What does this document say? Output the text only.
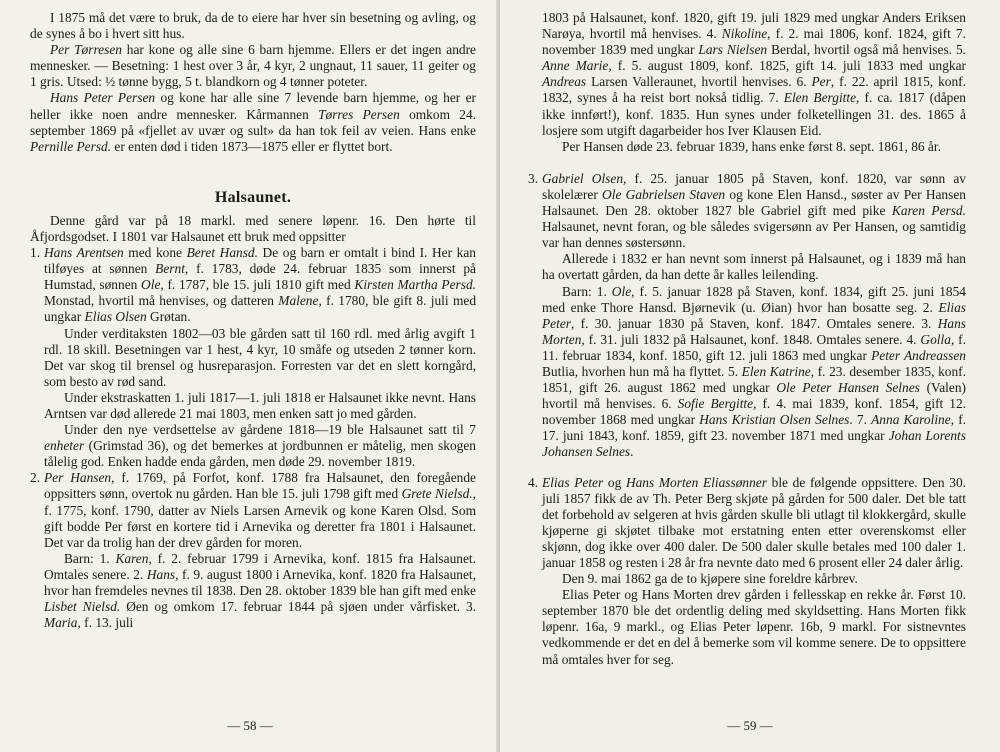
I 1875 må det være to bruk, da de to eiere har hver sin besetning og avling, og de synes å bo i hvert sitt hus.

Per Tørresen har kone og alle sine 6 barn hjemme. Ellers er det ingen andre mennesker. — Besetning: 1 hest over 3 år, 4 kyr, 2 ungnaut, 11 sauer, 11 geiter og 1 gris. Utsed: ½ tønne bygg, 5 t. blandkorn og 4 tønner poteter.

Hans Peter Persen og kone har alle sine 7 levende barn hjemme, og her er heller ikke noen andre mennesker. Kårmannen Tørres Persen omkom 24. september 1869 på «fjellet av uvær og sult» da han tok feil av veien. Hans enke Pernille Persd. er enten død i tiden 1873—1875 eller er flyttet bort.

Halsaunet.

Denne gård var på 18 markl. med senere løpenr. 16. Den hørte til Åfjordsgodset. I 1801 var Halsaunet ett bruk med oppsitter

1. Hans Arentsen med kone Beret Hansd. De og barn er omtalt i bind I. Her kan tilføyes at sønnen Bernt, f. 1783, døde 24. februar 1835 som innerst på Humstad, sønnen Ole, f. 1787, ble 15. juli 1810 gift med Kirsten Martha Persd. Monstad, hvortil må henvises, og datteren Malene, f. 1780, ble gift 8. juli med ungkar Elias Olsen Grøtan.

Under verditaksten 1802—03 ble gården satt til 160 rdl. med årlig avgift 1 rdl. 18 skill. Besetningen var 1 hest, 4 kyr, 10 småfe og utseden 2 tønner korn. Det var skog til brensel og husreparasjon. Forresten var det en slett korngård, som besto av rød sand.

Under ekstraskatten 1. juli 1817—1. juli 1818 er Halsaunet ikke nevnt. Hans Arntsen var død allerede 21 mai 1803, men enken satt jo med gården.

Under den nye verdsettelse av gårdene 1818—19 ble Halsaunet satt til 7 enheter (Grimstad 36), og det bemerkes at jordbunnen er måtelig, men skogen tålelig god. Enken hadde enda gården, men døde 29. november 1819.

2. Per Hansen, f. 1769, på Forfot, konf. 1788 fra Halsaunet, den foregående oppsitters sønn, overtok nu gården. Han ble 15. juli 1798 gift med Grete Nielsd., f. 1775, konf. 1790, datter av Niels Larsen Arnevik og kone Karen Olsd. Som gift bodde Per først en kortere tid i Arnevika og deretter fra 1801 i Halsaunet. Det var da trolig han der drev gården for moren.

Barn: 1. Karen, f. 2. februar 1799 i Arnevika, konf. 1815 fra Halsaunet. Omtales senere. 2. Hans, f. 9. august 1800 i Arnevika, konf. 1820 fra Halsaunet, hvor han fremdeles nevnes til 1838. Den 28. oktober 1839 ble han gift med enke Lisbet Nielsd. Øen og omkom 17. februar 1844 på sjøen under vårfisket. 3. Maria, f. 13. juli

— 58 —

1803 på Halsaunet, konf. 1820, gift 19. juli 1829 med ungkar Anders Eriksen Narøya, hvortil må henvises. 4. Nikoline, f. 2. mai 1806, konf. 1824, gift 7. november 1839 med ungkar Lars Nielsen Berdal, hvortil også må henvises. 5. Anne Marie, f. 5. august 1809, konf. 1825, gift 14. juli 1833 med ungkar Andreas Larsen Valleraunet, hvortil henvises. 6. Per, f. 22. april 1815, konf. 1832, synes å ha reist bort nokså tidlig. 7. Elen Bergitte, f. ca. 1817 (dåpen ikke innført!), konf. 1835. Hun synes under folketellingen 31. des. 1865 å losjere som utgift dagarbeider hos Iver Klausen Eid.

Per Hansen døde 23. februar 1839, hans enke først 8. sept. 1861, 86 år.

3. Gabriel Olsen, f. 25. januar 1805 på Staven, konf. 1820, var sønn av skolelærer Ole Gabrielsen Staven og kone Elen Hansd., søster av Per Hansen Halsaunet. Den 28. oktober 1827 ble Gabriel gift med pike Karen Persd. Halsaunet, nevnt foran, og ble således svigersønn av Per Hansen, og samtidig var han dennes søstersønn.

Allerede i 1832 er han nevnt som innerst på Halsaunet, og i 1839 må han ha overtatt gården, da han dette år kalles leilending.

Barn: 1. Ole, f. 5. januar 1828 på Staven, konf. 1834, gift 25. juni 1854 med enke Thore Hansd. Bjørnevik (u. Øian) hvor han bosatte seg. 2. Elias Peter, f. 30. januar 1830 på Staven, konf. 1847. Omtales senere. 3. Hans Morten, f. 31. juli 1832 på Halsaunet, konf. 1848. Omtales senere. 4. Golla, f. 11. februar 1834, konf. 1850, gift 12. juli 1863 med ungkar Peter Andreassen Butlia, hvorhen hun må ha flyttet. 5. Elen Katrine, f. 23. desember 1835, konf. 1851, gift 26. august 1862 med ungkar Ole Peter Hansen Selnes (Valen) hvortil må henvises. 6. Sofie Bergitte, f. 4. mai 1839, konf. 1854, gift 12. november 1868 med ungkar Hans Kristian Olsen Selnes. 7. Anna Karoline, f. 17. juni 1843, konf. 1859, gift 23. november 1871 med ungkar Johan Lorents Johansen Selnes.

4. Elias Peter og Hans Morten Eliassønner ble de følgende oppsittere. Den 30. juli 1857 fikk de av Th. Peter Berg skjøte på gården for 500 daler. Det ble tatt det forbehold av selgeren at hvis gården skulle bli utlagt til klokkergård, skulle kjøperne gi skjøtet tilbake mot erstatning enten etter overenskomst eller skjønn, dog ikke over 400 daler. De 500 daler skulle betales med 100 daler 1. januar 1858 og resten i 28 år fra nevnte dato med 6 prosent eller 24 daler årlig.

Den 9. mai 1862 ga de to kjøpere sine foreldre kårbrev.

Elias Peter og Hans Morten drev gården i fellesskap en rekke år. Først 10. september 1870 ble det ordentlig deling med skyldsetting. Hans Morten fikk løpenr. 16a, 9 markl., og Elias Peter løpenr. 16b, 9 markl. For sistnevntes vedkommende er det en del å bemerke som vil komme senere. De to oppsittere må omtales hver for seg.

— 59 —
